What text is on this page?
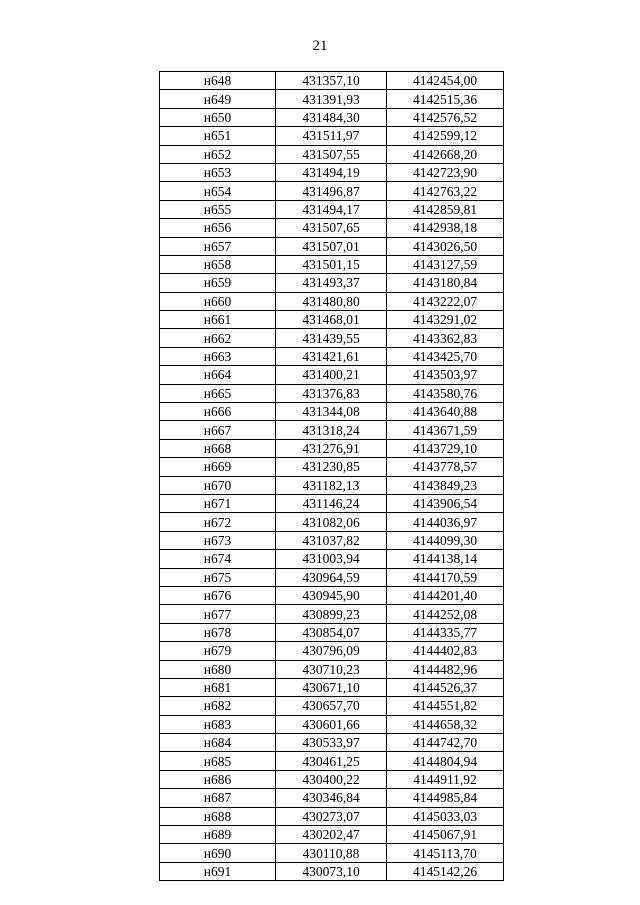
21
н648	431357,10	4142454,00
н649	431391,93	4142515,36
н650	431484,30	4142576,52
н651	431511,97	4142599,12
н652	431507,55	4142668,20
н653	431494,19	4142723,90
н654	431496,87	4142763,22
н655	431494,17	4142859,81
н656	431507,65	4142938,18
н657	431507,01	4143026,50
н658	431501,15	4143127,59
н659	431493,37	4143180,84
н660	431480,80	4143222,07
н661	431468,01	4143291,02
н662	431439,55	4143362,83
н663	431421,61	4143425,70
н664	431400,21	4143503,97
н665	431376,83	4143580,76
н666	431344,08	4143640,88
н667	431318,24	4143671,59
н668	431276,91	4143729,10
н669	431230,85	4143778,57
н670	431182,13	4143849,23
н671	431146,24	4143906,54
н672	431082,06	4144036,97
н673	431037,82	4144099,30
н674	431003,94	4144138,14
н675	430964,59	4144170,59
н676	430945,90	4144201,40
н677	430899,23	4144252,08
н678	430854,07	4144335,77
н679	430796,09	4144402,83
н680	430710,23	4144482,96
н681	430671,10	4144526,37
н682	430657,70	4144551,82
н683	430601,66	4144658,32
н684	430533,97	4144742,70
н685	430461,25	4144804,94
н686	430400,22	4144911,92
н687	430346,84	4144985,84
н688	430273,07	4145033,03
н689	430202,47	4145067,91
н690	430110,88	4145113,70
н691	430073,10	4145142,26
